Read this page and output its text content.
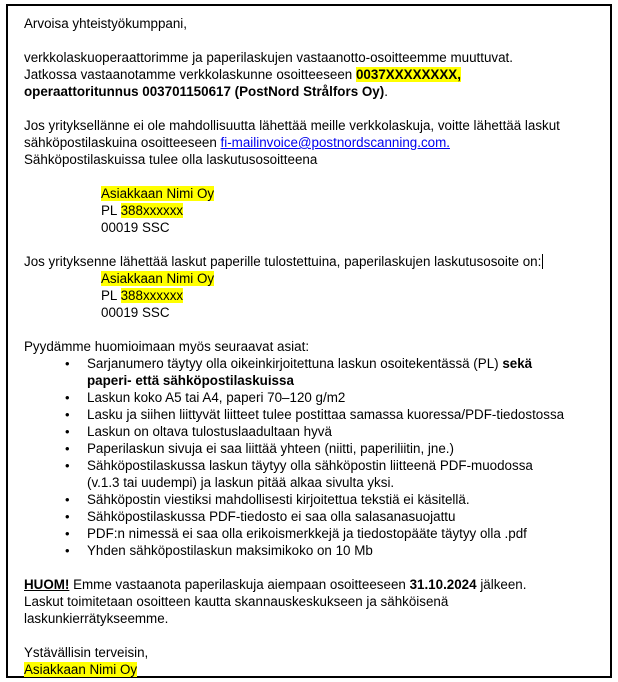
Arvoisa yhteistyökumppani,
verkkolaskuoperaattorimme ja paperilaskujen vastaanotto-osoitteemme muuttuvat.
Jatkossa vastaanotamme verkkolaskunne osoitteeseen 0037XXXXXXXX,
operaattoritunnus 003701150617 (PostNord Strålfors Oy).
Jos yrityksellänne ei ole mahdollisuutta lähettää meille verkkolaskuja, voitte lähettää laskut
sähköpostilaskuina osoitteeseen fi-mailinvoice@postnordscanning.com.
Sähköpostilaskuissa tulee olla laskutusosoitteena
Asiakkaan Nimi Oy
PL 388xxxxxx
00019 SSC
Jos yrityksenne lähettää laskut paperille tulostettuina, paperilaskujen laskutusosoite on:
Asiakkaan Nimi Oy
PL 388xxxxxx
00019 SSC
Pyydämme huomioimaan myös seuraavat asiat:
• Sarjanumero täytyy olla oikeinkirjoitettuna laskun osoitekentässä (PL) sekä
paperi- että sähköpostilaskuissa
• Laskun koko A5 tai A4, paperi 70–120 g/m2
• Lasku ja siihen liittyvät liitteet tulee postittaa samassa kuoressa/PDF-tiedostossa
• Laskun on oltava tulostuslaadultaan hyvä
• Paperilaskun sivuja ei saa liittää yhteen (niitti, paperiliitin, jne.)
• Sähköpostilaskussa laskun täytyy olla sähköpostin liitteenä PDF-muodossa
(v.1.3 tai uudempi) ja laskun pitää alkaa sivulta yksi.
• Sähköpostin viestiksi mahdollisesti kirjoitettua tekstiä ei käsitellä.
• Sähköpostilaskussa PDF-tiedosto ei saa olla salasanasuojattu
• PDF:n nimessä ei saa olla erikoismerkkejä ja tiedostopääte täytyy olla .pdf
• Yhden sähköpostilaskun maksimikoko on 10 Mb
HUOM! Emme vastaanota paperilaskuja aiempaan osoitteeseen 31.10.2024 jälkeen.
Laskut toimitetaan osoitteen kautta skannauskeskukseen ja sähköisenä
laskunkierrätykseemme.
Ystävällisin terveisin,
Asiakkaan Nimi Oy
